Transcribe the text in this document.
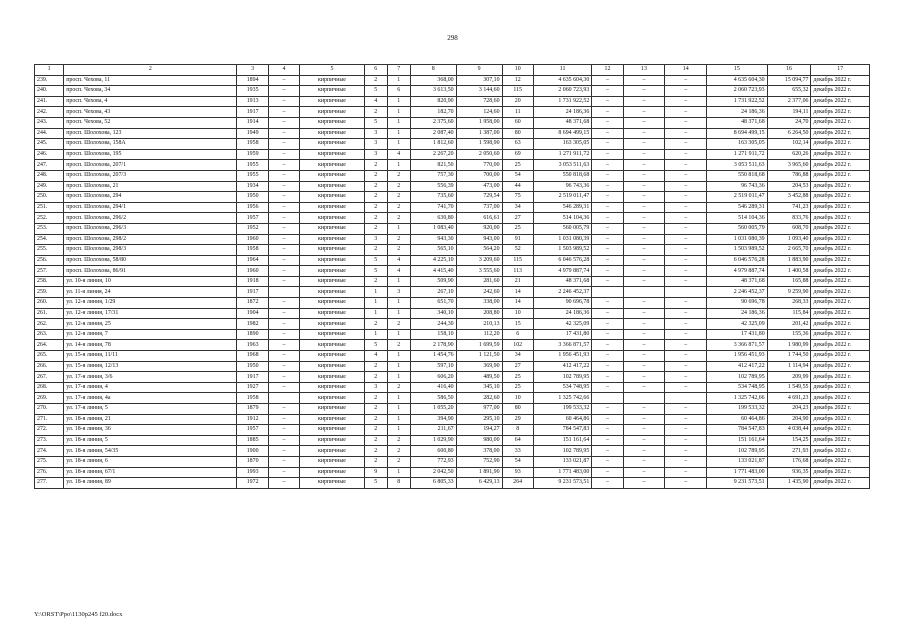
298
1	2	3	4	5	6	7	8	9	10	11	12	13	14	15	16	17
239.	просп. Чехова, 11	1894	–	кирпичные	2	1	368,00	307,10	12	4 635 604,30	–	–	–	4 635 604,30	15 094,77	декабрь 2022 г.
240.	просп. Чехова, 34	1935	–	кирпичные	5	6	3 613,50	3 144,60	115	2 060 723,93	–	–	–	2 060 723,93	655,32	декабрь 2022 г.
241.	просп. Чехова, 4	1913	–	кирпичные	4	1	820,90	728,60	20	1 731 922,52	–	–	–	1 731 922,52	2 377,06	декабрь 2022 г.
242.	просп. Чехова, 43	1917	–	кирпичные	2	1	182,70	124,60	11	24 186,36	–	–	–	24 186,36	194,11	декабрь 2022 г.
243.	просп. Чехова, 52	1914	–	кирпичные	5	1	2 375,60	1 958,00	60	48 371,68	–	–	–	48 371,68	24,70	декабрь 2022 г.
244.	просп. Шолохова, 123	1949	–	кирпичные	3	1	2 087,40	1 387,00	80	8 694 499,15	–	–	–	8 694 499,15	6 264,50	декабрь 2022 г.
245.	просп. Шолохова, 158А	1958	–	кирпичные	3	1	1 812,60	1 598,90	63	163 305,05	–	–	–	163 305,05	102,14	декабрь 2022 г.
246.	просп. Шолохова, 195	1959	–	кирпичные	3	4	2 267,20	2 050,60	69	1 271 911,72	–	–	–	1 271 911,72	620,26	декабрь 2022 г.
247.	просп. Шолохова, 207/1	1955	–	кирпичные	2	1	821,50	770,00	25	3 053 511,63	–	–	–	3 053 511,63	3 965,60	декабрь 2022 г.
248.	просп. Шолохова, 207/3	1955	–	кирпичные	2	2	757,30	700,00	54	550 818,68	–	–	–	550 818,68	786,88	декабрь 2022 г.
249.	просп. Шолохова, 21	1934	–	кирпичные	2	2	556,39	473,00	44	96 743,36	–	–	–	96 743,36	204,53	декабрь 2022 г.
250.	просп. Шолохова, 294	1950	–	кирпичные	2	2	735,60	729,54	75	2 519 011,47	–	–	–	2 519 011,47	3 452,88	декабрь 2022 г.
251.	просп. Шолохова, 294/1	1956	–	кирпичные	2	2	741,70	737,00	34	546 289,31	–	–	–	546 289,31	741,23	декабрь 2022 г.
252.	просп. Шолохова, 296/2	1957	–	кирпичные	2	2	630,80	616,61	27	514 104,36	–	–	–	514 104,36	833,76	декабрь 2022 г.
253.	просп. Шолохова, 296/3	1952	–	кирпичные	2	1	1 083,40	920,00	25	560 005,79	–	–	–	560 005,79	608,70	декабрь 2022 г.
254.	просп. Шолохова, 298/2	1960	–	кирпичные	3	2	943,30	943,00	91	1 031 080,39	–	–	–	1 031 080,39	1 093,40	декабрь 2022 г.
255.	просп. Шолохова, 298/3	1958	–	кирпичные	2	2	565,10	564,20	52	1 503 989,52	–	–	–	1 503 989,52	2 665,70	декабрь 2022 г.
256.	просп. Шолохова, 58/80	1964	–	кирпичные	5	4	4 225,10	3 209,60	115	6 046 576,28	–	–	–	6 046 576,28	1 883,90	декабрь 2022 г.
257.	просп. Шолохова, 86/91	1960	–	кирпичные	5	4	4 415,40	3 555,60	113	4 979 887,74	–	–	–	4 979 887,74	1 400,58	декабрь 2022 г.
258.	ул. 10-я линия, 10	1918	–	кирпичные	2	1	509,90	281,60	21	48 371,68	–	–	–	48 371,68	165,88	декабрь 2022 г.
259.	ул. 11-я линия, 24	1917		кирпичные	1	3	267,10	242,60	14	2 246 452,37				2 246 452,37	9 259,90	декабрь 2022 г.
260.	ул. 12-я линия, 1/29	1872	–	кирпичные	1	1	651,70	338,00	14	90 696,78	–	–	–	90 696,78	268,33	декабрь 2022 г.
261.	ул. 12-я линия, 17/31	1904	–	кирпичные	1	1	340,10	208,80	10	24 186,36	–	–	–	24 186,36	115,84	декабрь 2022 г.
262.	ул. 12-я линия, 25	1982	–	кирпичные	2	2	244,30	210,13	15	42 325,09	–	–	–	42 325,09	201,42	декабрь 2022 г.
263.	ул. 12-я линия, 7	1890	–	кирпичные	1	1	158,10	112,20	6	17 431,80	–	–	–	17 431,80	155,36	декабрь 2022 г.
264.	ул. 14-я линия, 78	1963	–	кирпичные	5	2	2 178,90	1 699,59	102	3 366 871,57	–	–	–	3 366 871,57	1 980,99	декабрь 2022 г.
265.	ул. 15-я линия, 11/11	1968	–	кирпичные	4	1	1 454,76	1 121,50	34	1 956 451,93	–	–	–	1 956 451,93	1 744,50	декабрь 2022 г.
266.	ул. 15-я линия, 12/13	1950	–	кирпичные	2	1	597,10	369,90	27	412 417,22	–	–	–	412 417,22	1 114,94	декабрь 2022 г.
267.	ул. 17-я линия, 3/6	1917	–	кирпичные	2	1	606,20	489,50	25	102 789,95	–	–	–	102 789,95	209,99	декабрь 2022 г.
268.	ул. 17-я линия, 4	1927	–	кирпичные	3	2	416,40	345,10	25	534 748,95	–	–	–	534 748,95	1 549,55	декабрь 2022 г.
269.	ул. 17-я линия, 4а	1958		кирпичные	2	1	586,50	282,60	10	1 325 742,66				1 325 742,66	4 691,23	декабрь 2022 г.
270.	ул. 17-я линия, 5	1879	–	кирпичные	2	1	1 055,20	977,00	80	199 533,32	–	–	–	199 533,32	204,23	декабрь 2022 г.
271.	ул. 18-я линия, 21	1912	–	кирпичные	2	1	394,90	295,10	29	60 464,86	–	–	–	60 464,86	204,90	декабрь 2022 г.
272.	ул. 18-я линия, 36	1957	–	кирпичные	2	1	211,67	194,27	8	784 547,83	–	–	–	784 547,83	4 038,44	декабрь 2022 г.
273.	ул. 18-я линия, 5	1885	–	кирпичные	2	2	1 029,90	980,00	64	151 161,64	–	–	–	151 161,64	154,25	декабрь 2022 г.
274.	ул. 18-я линия, 54/35	1900	–	кирпичные	2	2	600,80	378,00	33	102 789,95	–	–	–	102 789,95	271,93	декабрь 2022 г.
275.	ул. 18-я линия, 6	1870	–	кирпичные	2	2	772,93	752,90	54	133 021,87	–	–	–	133 021,87	176,68	декабрь 2022 г.
276.	ул. 18-я линия, 67/1	1993	–	кирпичные	9	1	2 042,50	1 891,90	93	1 771 483,00	–	–	–	1 771 483,00	936,35	декабрь 2022 г.
277.	ул. 18-я линия, 89	1972	–	кирпичные	5	8	6 805,33	6 429,13	264	9 231 573,51	–	–	–	9 231 573,51	1 435,90	декабрь 2022 г.
Y:\ORST\Ppo\1130p245 f20.docx
